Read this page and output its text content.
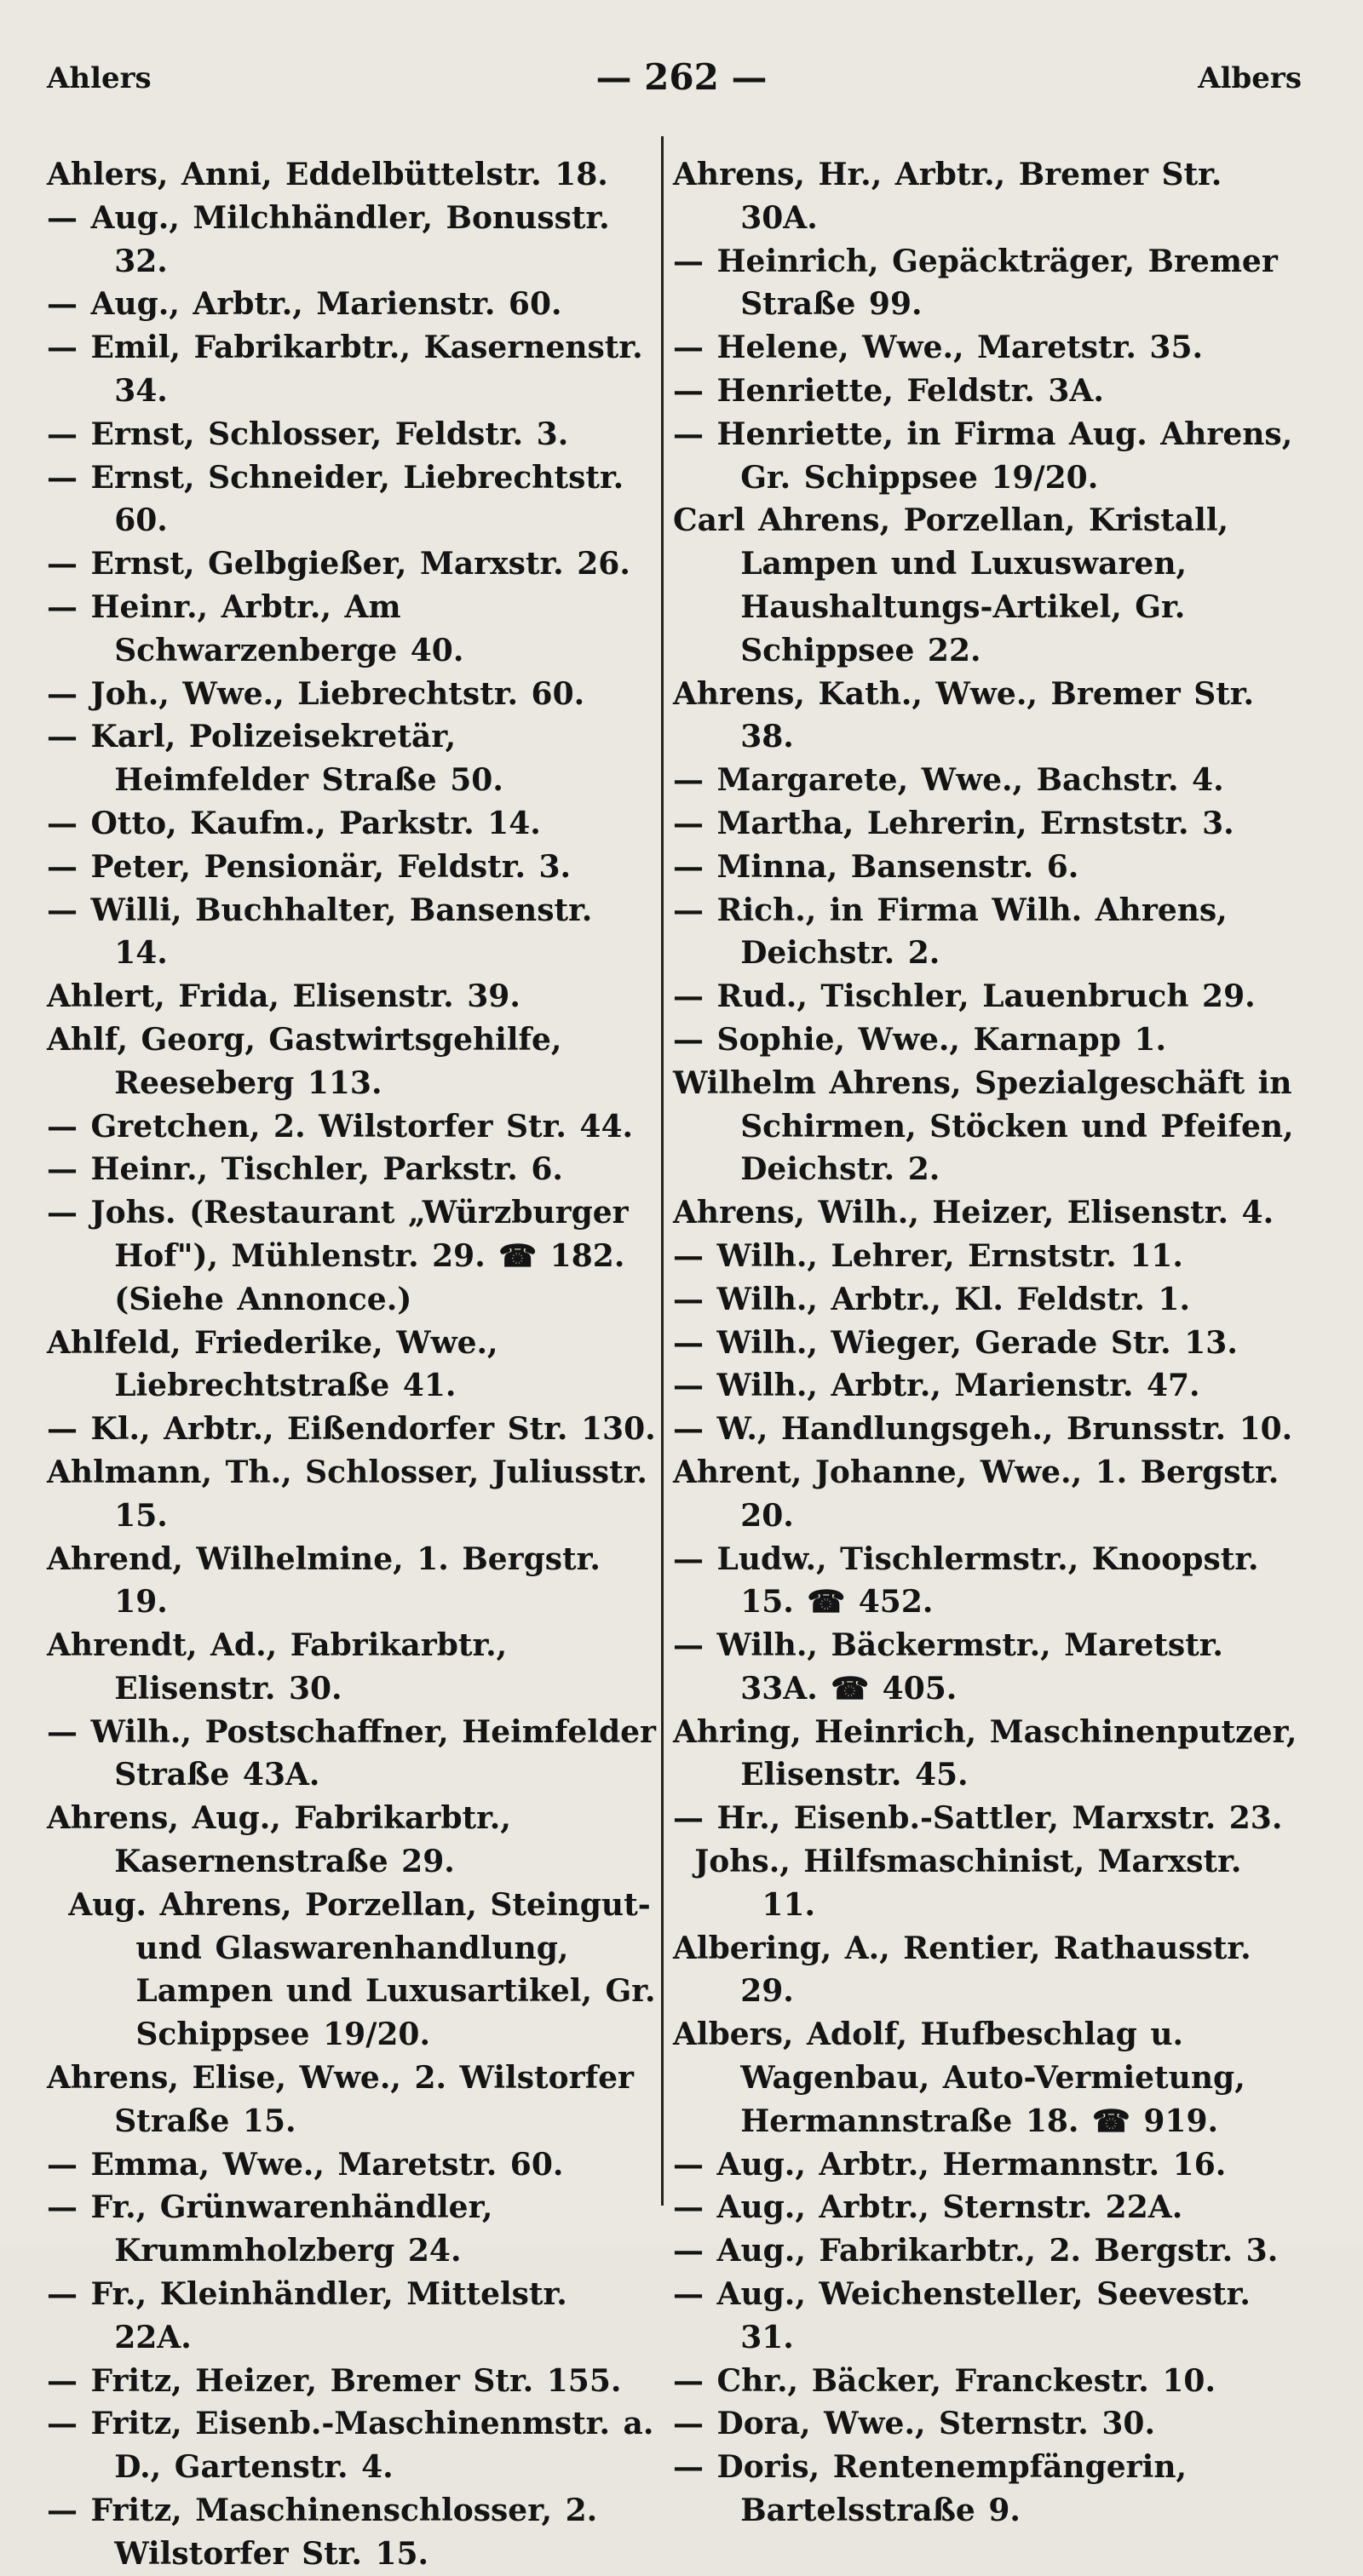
Ahlers	— 262 —	Albers
Ahlers, Anni, Eddelbüttelstr. 18.
— Aug., Milchhändler, Bonusstr. 32.
— Aug., Arbtr., Marienstr. 60.
— Emil, Fabrikarbtr., Kasernenstr. 34.
— Ernst, Schlosser, Feldstr. 3.
— Ernst, Schneider, Liebrechtstr. 60.
— Ernst, Gelbgießer, Marxstr. 26.
— Heinr., Arbtr., Am Schwarzenberge 40.
— Joh., Wwe., Liebrechtstr. 60.
— Karl, Polizeisekretär, Heimfelder Straße 50.
— Otto, Kaufm., Parkstr. 14.
— Peter, Pensionär, Feldstr. 3.
— Willi, Buchhalter, Bansenstr. 14.
Ahlert, Frida, Elisenstr. 39.
Ahlf, Georg, Gastwirtsgehilfe, Reeseberg 113.
— Gretchen, 2. Wilstorfer Str. 44.
— Heinr., Tischler, Parkstr. 6.
— Johs. (Restaurant „Würzburger Hof"), Mühlenstr. 29. ☎ 182. (Siehe Annonce.)
Ahlfeld, Friederike, Wwe., Liebrechtstraße 41.
— Kl., Arbtr., Eißendorfer Str. 130.
Ahlmann, Th., Schlosser, Juliusstr. 15.
Ahrend, Wilhelmine, 1. Bergstr. 19.
Ahrendt, Ad., Fabrikarbtr., Elisenstr. 30.
— Wilh., Postschaffner, Heimfelder Straße 43A.
Ahrens, Aug., Fabrikarbtr., Kasernenstraße 29.
Aug. Ahrens, Porzellan, Steingut- und Glaswarenhandlung, Lampen und Luxusartikel, Gr. Schippsee 19/20.
Ahrens, Elise, Wwe., 2. Wilstorfer Straße 15.
— Emma, Wwe., Maretstr. 60.
— Fr., Grünwarenhändler, Krummholzberg 24.
— Fr., Kleinhändler, Mittelstr. 22A.
— Fritz, Heizer, Bremer Str. 155.
— Fritz, Eisenb.-Maschinenmstr. a. D., Gartenstr. 4.
— Fritz, Maschinenschlosser, 2. Wilstorfer Str. 15.
Ahrens, Hr., Arbtr., Bremer Str. 30A.
— Heinrich, Gepäckträger, Bremer Straße 99.
— Helene, Wwe., Maretstr. 35.
— Henriette, Feldstr. 3A.
— Henriette, in Firma Aug. Ahrens, Gr. Schippsee 19/20.
Carl Ahrens, Porzellan, Kristall, Lampen und Luxuswaren, Haushaltungs-Artikel, Gr. Schippsee 22.
Ahrens, Kath., Wwe., Bremer Str. 38.
— Margarete, Wwe., Bachstr. 4.
— Martha, Lehrerin, Ernststr. 3.
— Minna, Bansenstr. 6.
— Rich., in Firma Wilh. Ahrens, Deichstr. 2.
— Rud., Tischler, Lauenbruch 29.
— Sophie, Wwe., Karnapp 1.
Wilhelm Ahrens, Spezialgeschäft in Schirmen, Stöcken und Pfeifen, Deichstr. 2.
Ahrens, Wilh., Heizer, Elisenstr. 4.
— Wilh., Lehrer, Ernststr. 11.
— Wilh., Arbtr., Kl. Feldstr. 1.
— Wilh., Wieger, Gerade Str. 13.
— Wilh., Arbtr., Marienstr. 47.
— W., Handlungsgeh., Brunsstr. 10.
Ahrent, Johanne, Wwe., 1. Bergstr. 20.
— Ludw., Tischlermstr., Knoopstr. 15. ☎ 452.
— Wilh., Bäckermstr., Maretstr. 33A. ☎ 405.
Ahring, Heinrich, Maschinenputzer, Elisenstr. 45.
— Hr., Eisenb.-Sattler, Marxstr. 23.
Johs., Hilfsmaschinist, Marxstr. 11.
Albering, A., Rentier, Rathausstr. 29.
Albers, Adolf, Hufbeschlag u. Wagenbau, Auto-Vermietung, Hermannstraße 18. ☎ 919.
— Aug., Arbtr., Hermannstr. 16.
— Aug., Arbtr., Sternstr. 22A.
— Aug., Fabrikarbtr., 2. Bergstr. 3.
— Aug., Weichensteller, Seevestr. 31.
— Chr., Bäcker, Franckestr. 10.
— Dora, Wwe., Sternstr. 30.
— Doris, Rentenempfängerin, Bartelsstraße 9.
